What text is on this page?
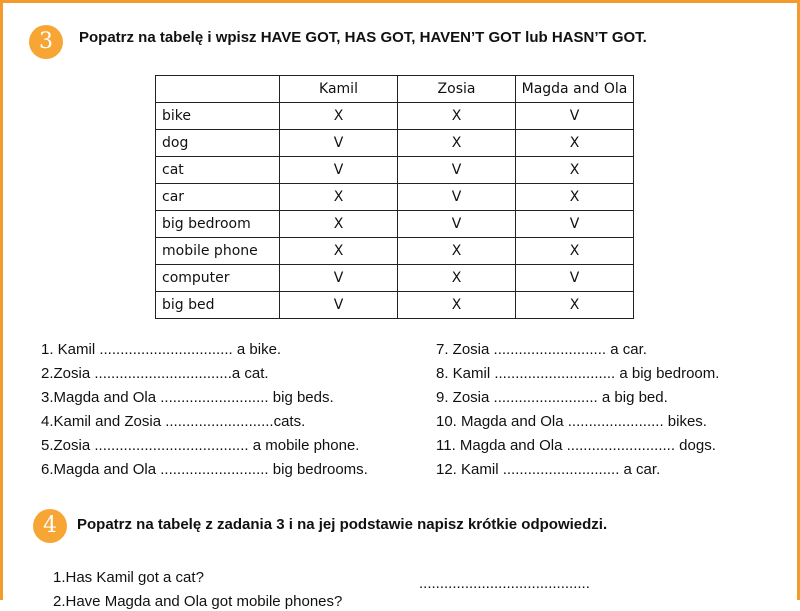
3	Popatrz na tabelę i wpisz HAVE GOT, HAS GOT, HAVEN’T GOT lub HASN’T GOT.
	Kamil	Zosia	Magda and Ola
bike	X	X	V
dog	V	X	X
cat	V	V	X
car	X	V	X
big bedroom	X	V	V
mobile phone	X	X	X
computer	V	X	V
big bed	V	X	X
1. Kamil ................................ a bike.
2.Zosia .................................a cat.
3.Magda and Ola .......................... big beds.
4.Kamil and Zosia ..........................cats.
5.Zosia ..................................... a mobile phone.
6.Magda and Ola .......................... big bedrooms.
7. Zosia ........................... a car.
8. Kamil ............................. a big bedroom.
9. Zosia ......................... a big bed.
10. Magda and Ola ....................... bikes.
11. Magda and Ola .......................... dogs.
12. Kamil ............................ a car.
4	Popatrz na tabelę z zadania 3 i na jej podstawie napisz krótkie odpowiedzi.
1.Has Kamil got a cat?	.........................................
2.Have Magda and Ola got mobile phones?
